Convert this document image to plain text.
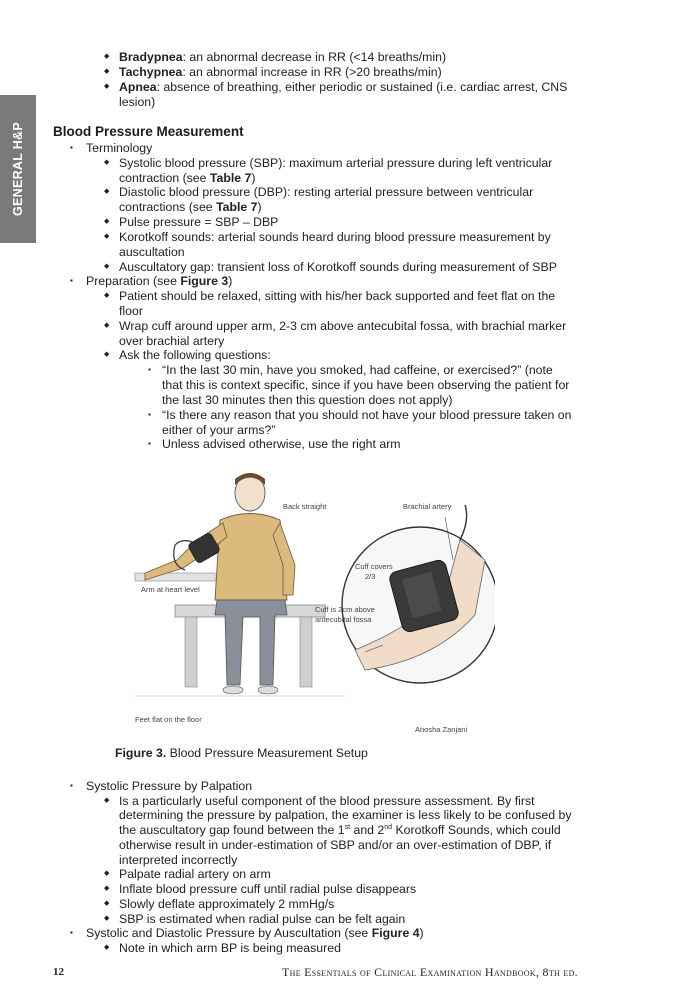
GENERAL H&P
Bradypnea: an abnormal decrease in RR (<14 breaths/min)
Tachypnea: an abnormal increase in RR (>20 breaths/min)
Apnea: absence of breathing, either periodic or sustained (i.e. cardiac arrest, CNS
lesion)
Blood Pressure Measurement
Terminology
Systolic blood pressure (SBP): maximum arterial pressure during left ventricular
contraction (see Table 7)
Diastolic blood pressure (DBP): resting arterial pressure between ventricular
contractions (see Table 7)
Pulse pressure = SBP – DBP
Korotkoff sounds: arterial sounds heard during blood pressure measurement by
auscultation
Auscultatory gap: transient loss of Korotkoff sounds during measurement of SBP
Preparation (see Figure 3)
Patient should be relaxed, sitting with his/her back supported and feet flat on the
floor
Wrap cuff around upper arm, 2-3 cm above antecubital fossa, with brachial marker
over brachial artery
Ask the following questions:
“In the last 30 min, have you smoked, had caffeine, or exercised?” (note
that this is context specific, since if you have been observing the patient for
the last 30 minutes then this question does not apply)
“Is there any reason that you should not have your blood pressure taken on
either of your arms?”
Unless advised otherwise, use the right arm
Back straight	Brachial artery
Cuff covers
2/3
Cuff is 2cm above
antecubital fossa
Arm at heart level
Feet flat on the floor
Anosha Zanjani
Figure 3. Blood Pressure Measurement Setup
Systolic Pressure by Palpation
Is a particularly useful component of the blood pressure assessment. By first
determining the pressure by palpation, the examiner is less likely to be confused by
the auscultatory gap found between the 1st and 2nd Korotkoff Sounds, which could
otherwise result in under-estimation of SBP and/or an over-estimation of DBP, if
interpreted incorrectly
Palpate radial artery on arm
Inflate blood pressure cuff until radial pulse disappears
Slowly deflate approximately 2 mmHg/s
SBP is estimated when radial pulse can be felt again
Systolic and Diastolic Pressure by Auscultation (see Figure 4)
Note in which arm BP is being measured
12	The Essentials of Clinical Examination Handbook, 8th ed.
